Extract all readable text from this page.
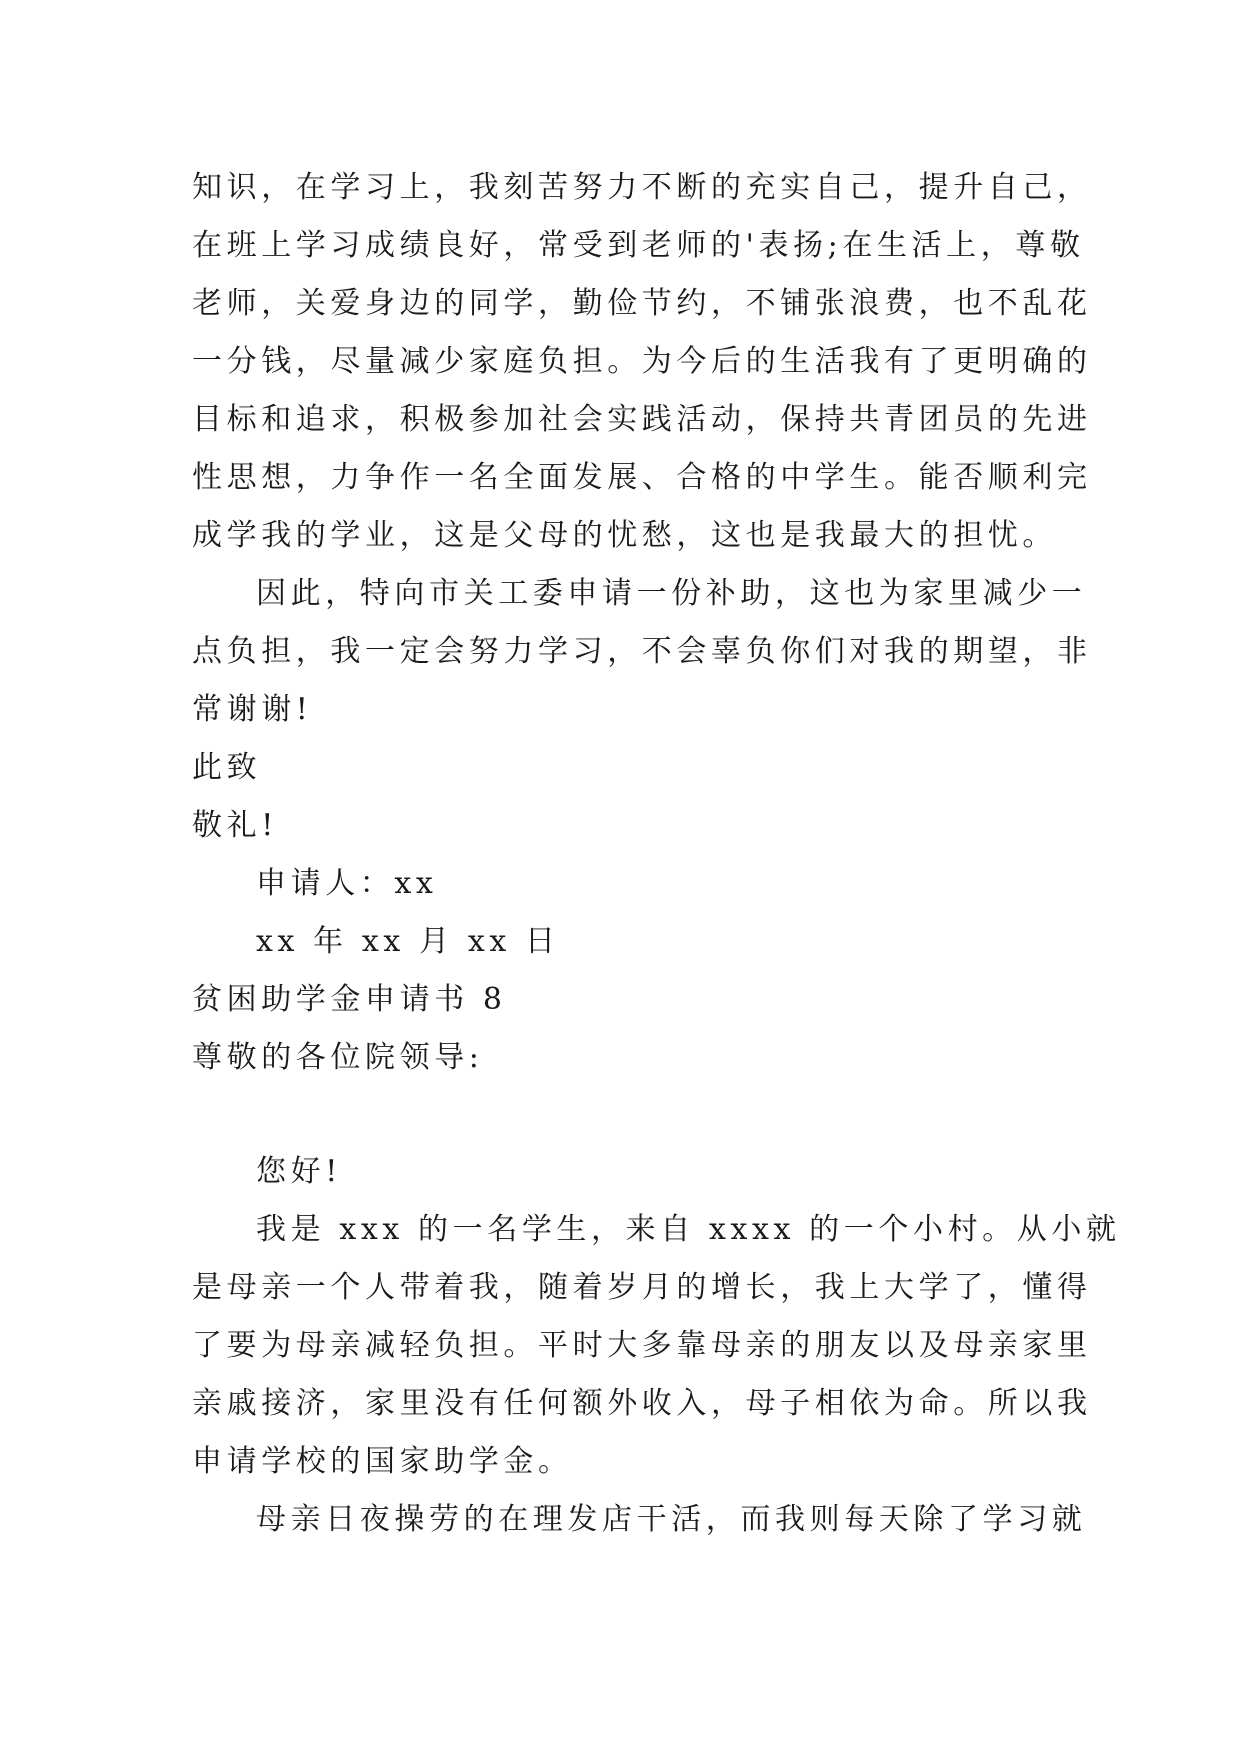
知识，在学习上，我刻苦努力不断的充实自己，提升自己，

在班上学习成绩良好，常受到老师的'表扬;在生活上，尊敬

老师，关爱身边的同学，勤俭节约，不铺张浪费，也不乱花

一分钱，尽量减少家庭负担。为今后的生活我有了更明确的

目标和追求，积极参加社会实践活动，保持共青团员的先进

性思想，力争作一名全面发展、合格的中学生。能否顺利完

成学我的学业，这是父母的忧愁，这也是我最大的担忧。

因此，特向市关工委申请一份补助，这也为家里减少一

点负担，我一定会努力学习，不会辜负你们对我的期望，非

常谢谢!

此致

敬礼!

申请人：xx

xx 年 xx 月 xx 日

贫困助学金申请书 8

尊敬的各位院领导:

您好!

我是 xxx 的一名学生，来自 xxxx 的一个小村。从小就

是母亲一个人带着我，随着岁月的增长，我上大学了，懂得

了要为母亲减轻负担。平时大多靠母亲的朋友以及母亲家里

亲戚接济，家里没有任何额外收入，母子相依为命。所以我

申请学校的国家助学金。

母亲日夜操劳的在理发店干活，而我则每天除了学习就
